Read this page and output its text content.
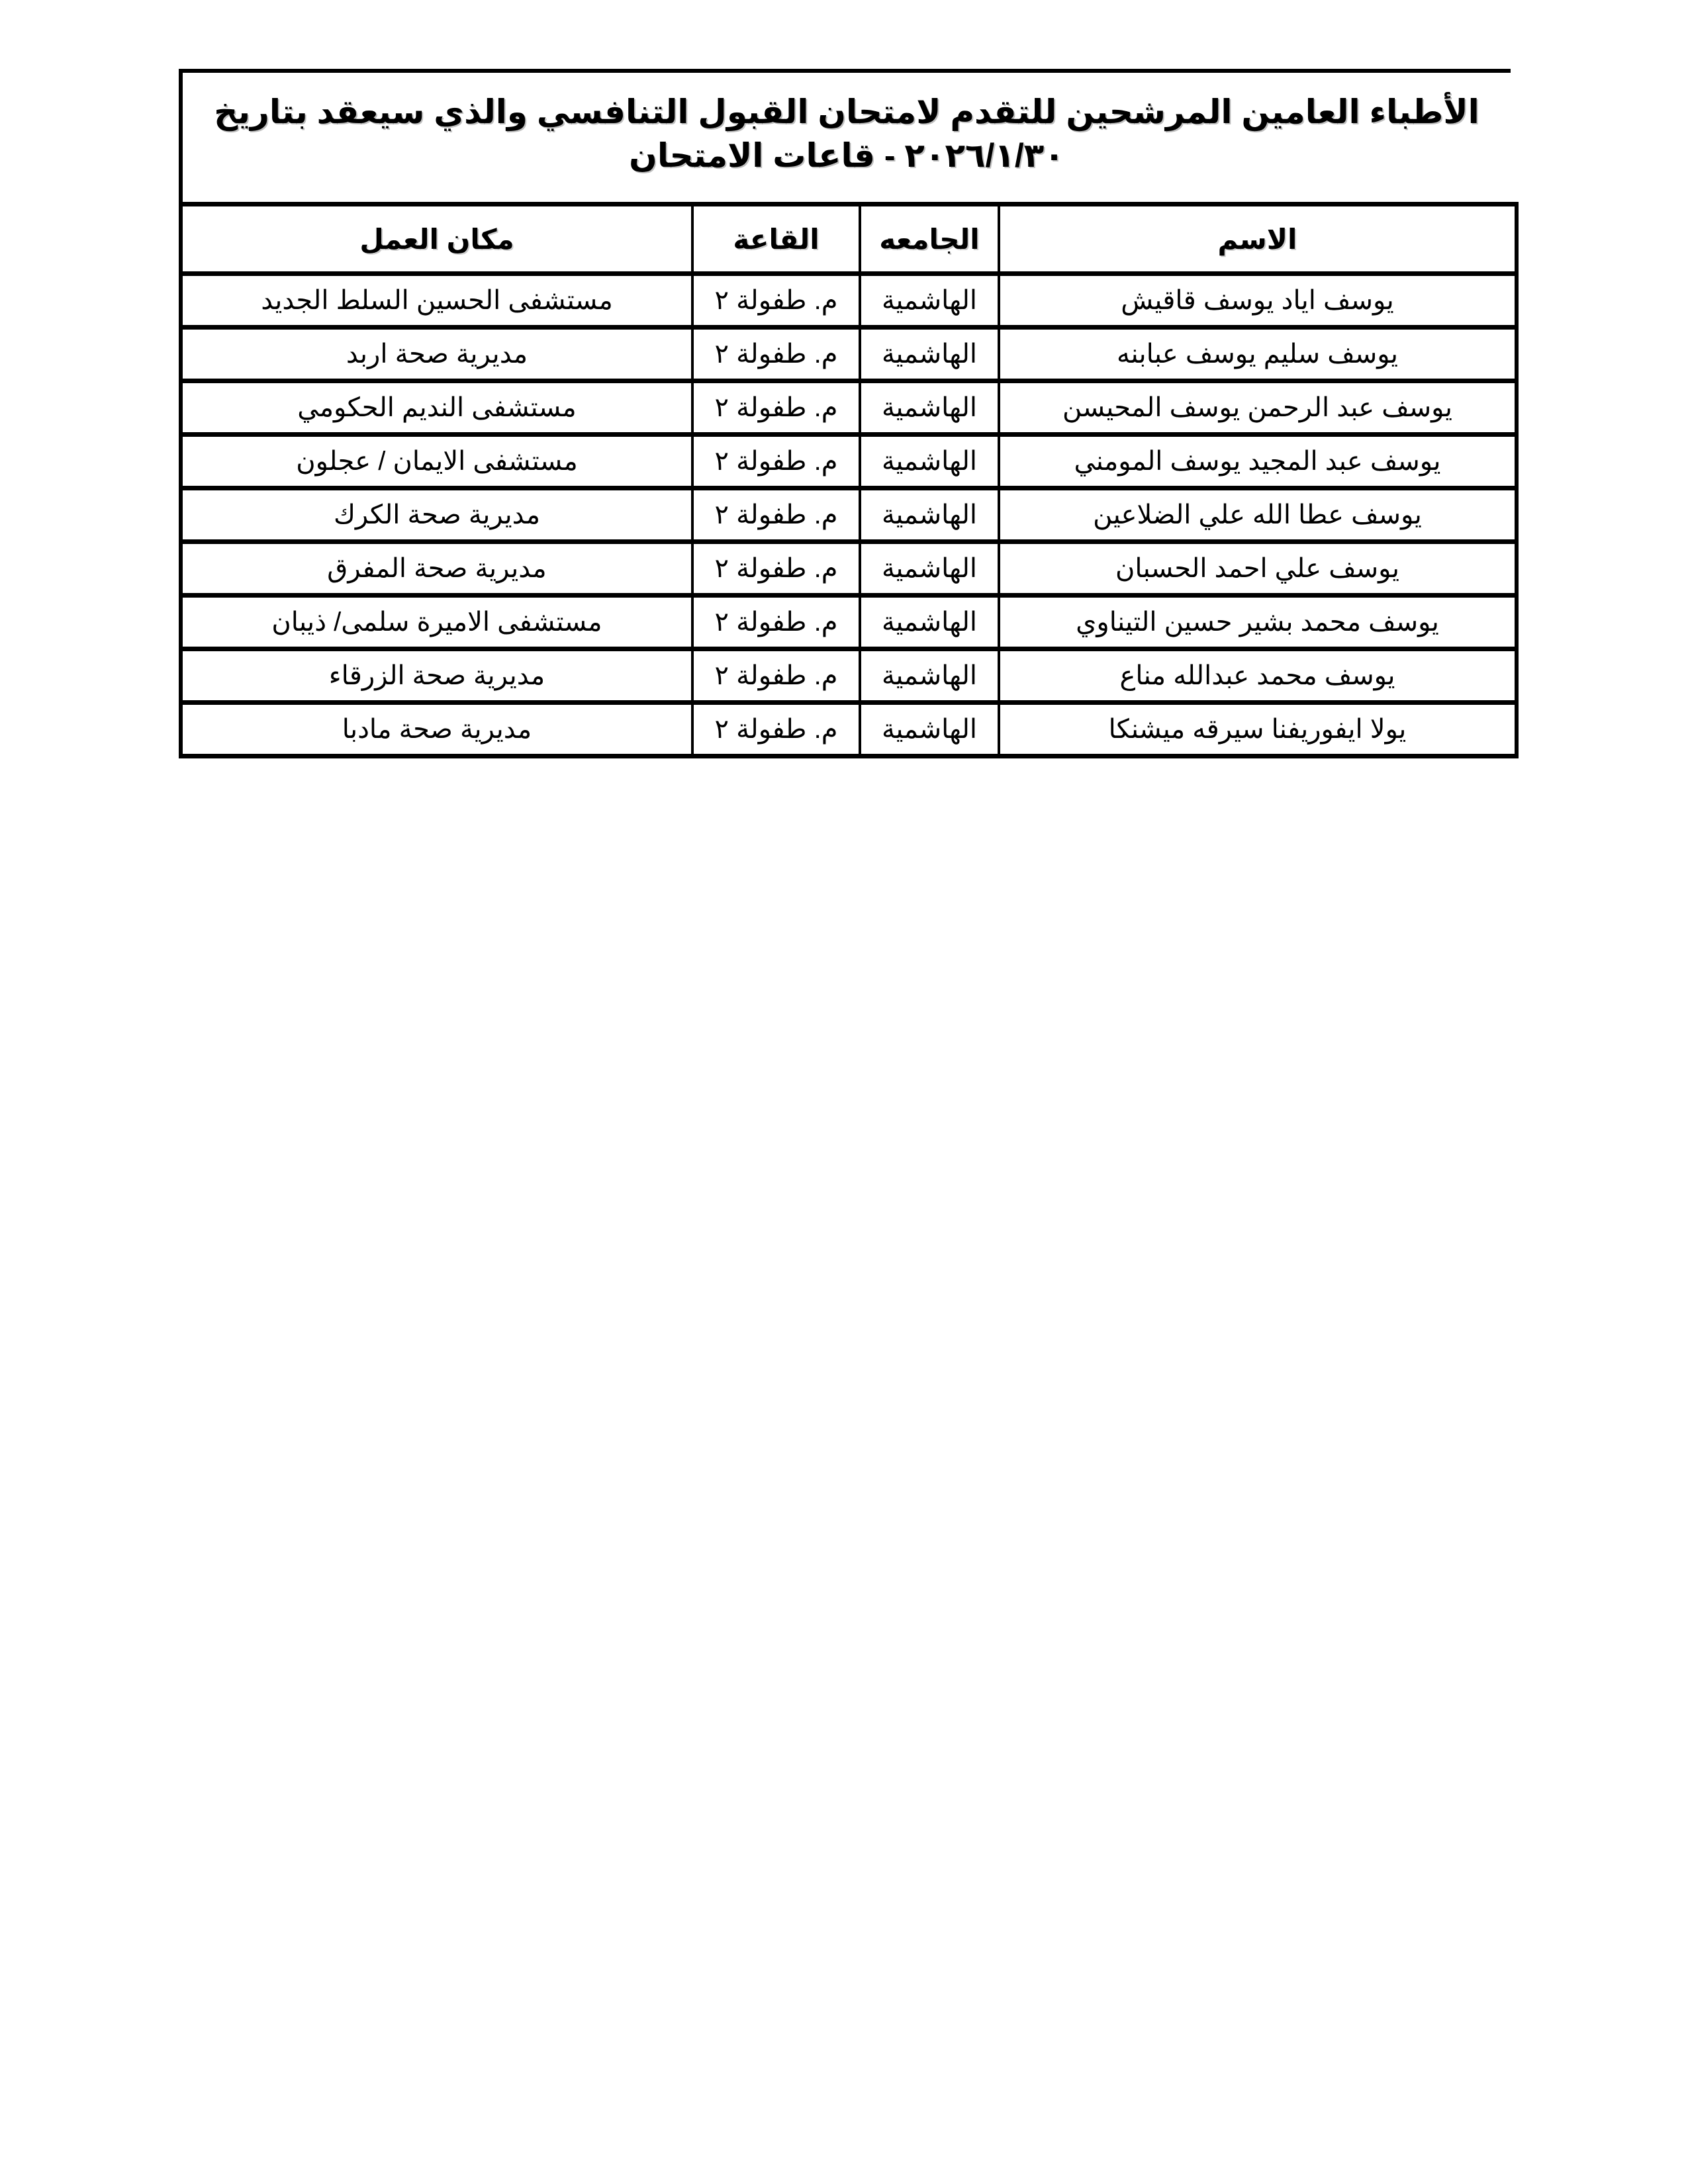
الأطباء العامين المرشحين للتقدم لامتحان القبول التنافسي والذي سيعقد بتاريخ ٢٠٢٦/١/٣٠ - قاعات الامتحان
الاسم	الجامعه	القاعة	مكان العمل
يوسف اياد يوسف قاقيش	الهاشمية	م. طفولة ٢	مستشفى الحسين السلط الجديد
يوسف سليم يوسف عبابنه	الهاشمية	م. طفولة ٢	مديرية صحة اربد
يوسف عبد الرحمن يوسف المحيسن	الهاشمية	م. طفولة ٢	مستشفى النديم الحكومي
يوسف عبد المجيد يوسف المومني	الهاشمية	م. طفولة ٢	مستشفى الايمان / عجلون
يوسف عطا الله علي الضلاعين	الهاشمية	م. طفولة ٢	مديرية صحة الكرك
يوسف علي احمد الحسبان	الهاشمية	م. طفولة ٢	مديرية صحة المفرق
يوسف محمد بشير حسين التيناوي	الهاشمية	م. طفولة ٢	مستشفى الاميرة سلمى/ ذيبان
يوسف محمد عبدالله مناع	الهاشمية	م. طفولة ٢	مديرية صحة الزرقاء
يولا ايفوريفنا سيرقه ميشنكا	الهاشمية	م. طفولة ٢	مديرية صحة مادبا
